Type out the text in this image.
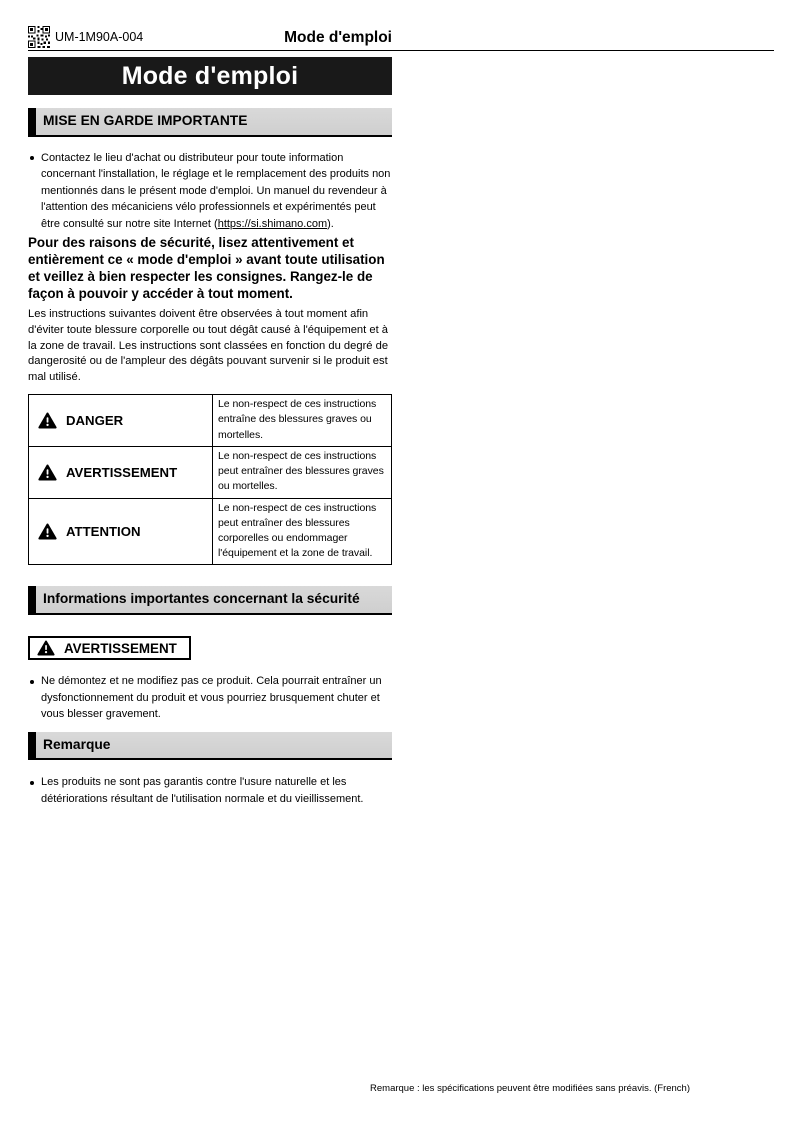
UM-1M90A-004	Mode d'emploi
Mode d'emploi
MISE EN GARDE IMPORTANTE
Contactez le lieu d'achat ou distributeur pour toute information concernant l'installation, le réglage et le remplacement des produits non mentionnés dans le présent mode d'emploi. Un manuel du revendeur à l'attention des mécaniciens vélo professionnels et expérimentés peut être consulté sur notre site Internet (https://si.shimano.com).

Pour des raisons de sécurité, lisez attentivement et entièrement ce « mode d'emploi » avant toute utilisation et veillez à bien respecter les consignes. Rangez-le de façon à pouvoir y accéder à tout moment.

Les instructions suivantes doivent être observées à tout moment afin d'éviter toute blessure corporelle ou tout dégât causé à l'équipement et à la zone de travail. Les instructions sont classées en fonction du degré de dangerosité ou de l'ampleur des dégâts pouvant survenir si le produit est mal utilisé.

DANGER	Le non-respect de ces instructions entraîne des blessures graves ou mortelles.

AVERTISSEMENT	Le non-respect de ces instructions peut entraîner des blessures graves ou mortelles.

ATTENTION	Le non-respect de ces instructions peut entraîner des blessures corporelles ou endommager l'équipement et la zone de travail.
Informations importantes concernant la sécurité
AVERTISSEMENT
Ne démontez et ne modifiez pas ce produit. Cela pourrait entraîner un dysfonctionnement du produit et vous pourriez brusquement chuter et vous blesser gravement.
Remarque
Les produits ne sont pas garantis contre l'usure naturelle et les détériorations résultant de l'utilisation normale et du vieillissement.
Remarque : les spécifications peuvent être modifiées sans préavis. (French)
